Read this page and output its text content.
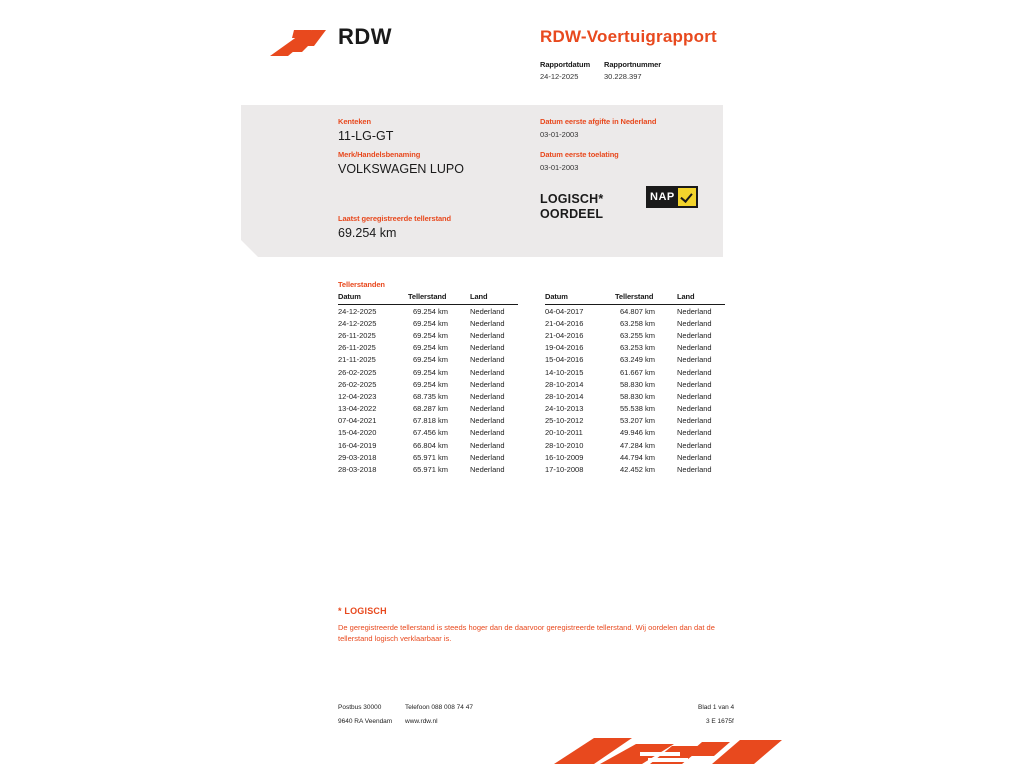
RDW	RDW-Voertuigrapport
Rapportdatum
24-12-2025
Rapportnummer
30.228.397
Kenteken
11-LG-GT
Merk/Handelsbenaming
VOLKSWAGEN LUPO
Laatst geregistreerde tellerstand
69.254 km
Datum eerste afgifte in Nederland
03-01-2003
Datum eerste toelating
03-01-2003
LOGISCH*
OORDEEL
NAP
Tellerstanden
Datum	Tellerstand	Land
24-12-2025	69.254 km	Nederland
24-12-2025	69.254 km	Nederland
26-11-2025	69.254 km	Nederland
26-11-2025	69.254 km	Nederland
21-11-2025	69.254 km	Nederland
26-02-2025	69.254 km	Nederland
26-02-2025	69.254 km	Nederland
12-04-2023	68.735 km	Nederland
13-04-2022	68.287 km	Nederland
07-04-2021	67.818 km	Nederland
15-04-2020	67.456 km	Nederland
16-04-2019	66.804 km	Nederland
29-03-2018	65.971 km	Nederland
28-03-2018	65.971 km	Nederland
Datum	Tellerstand	Land
04-04-2017	64.807 km	Nederland
21-04-2016	63.258 km	Nederland
21-04-2016	63.255 km	Nederland
19-04-2016	63.253 km	Nederland
15-04-2016	63.249 km	Nederland
14-10-2015	61.667 km	Nederland
28-10-2014	58.830 km	Nederland
28-10-2014	58.830 km	Nederland
24-10-2013	55.538 km	Nederland
25-10-2012	53.207 km	Nederland
20-10-2011	49.946 km	Nederland
28-10-2010	47.284 km	Nederland
16-10-2009	44.794 km	Nederland
17-10-2008	42.452 km	Nederland
* LOGISCH
De geregistreerde tellerstand is steeds hoger dan de daarvoor geregistreerde tellerstand. Wij oordelen dan dat de tellerstand logisch verklaarbaar is.
Postbus 30000
9640 RA Veendam
Telefoon 088 008 74 47
www.rdw.nl
Blad 1 van 4
3 E 1675f
